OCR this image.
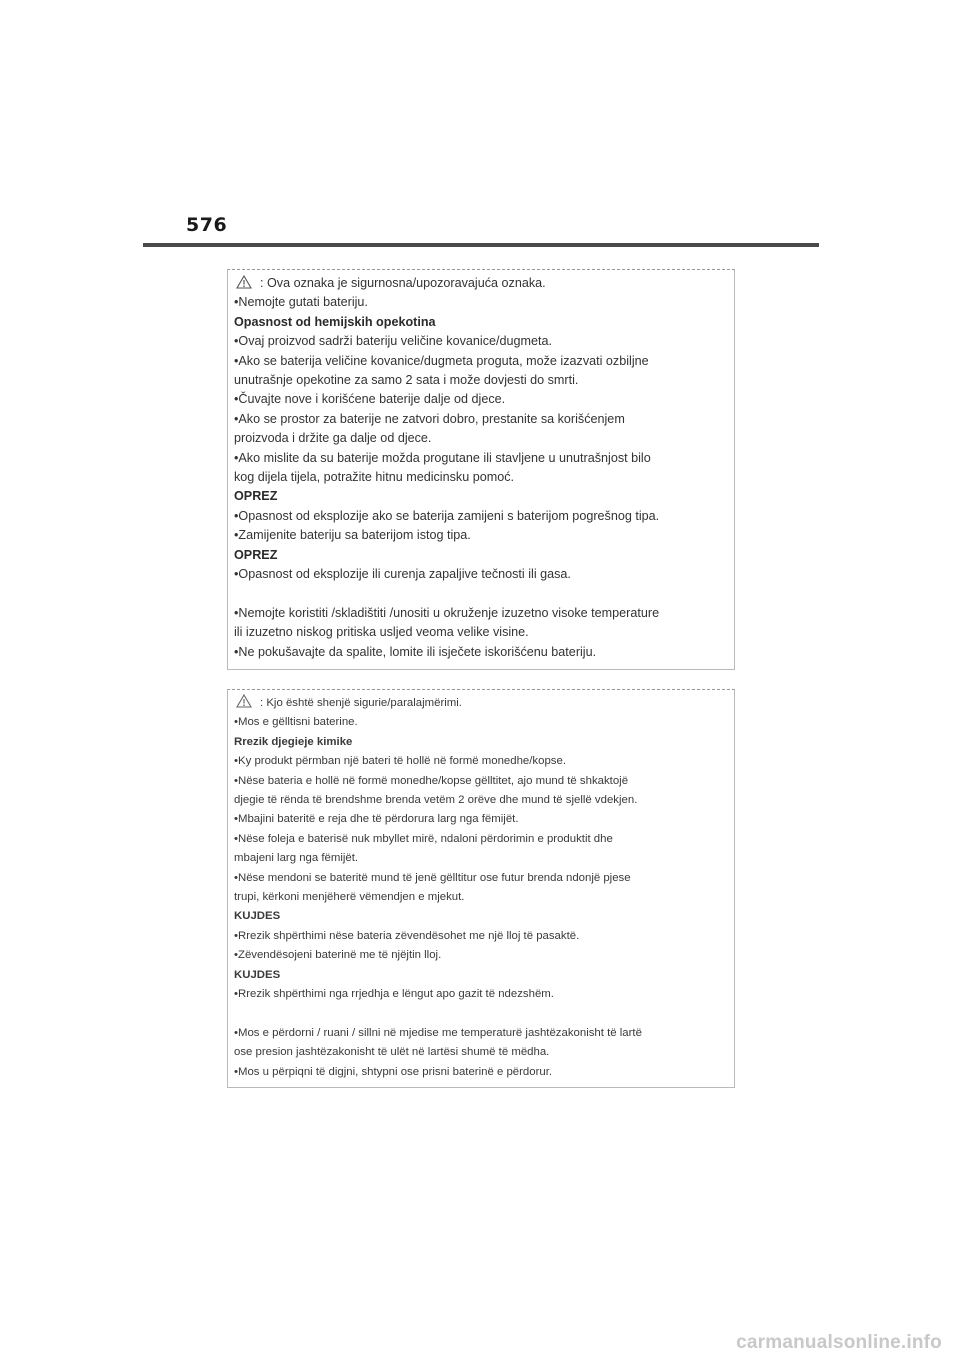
576
: Ova oznaka je sigurnosna/upozoravajuća oznaka.
•Nemojte gutati bateriju.
Opasnost od hemijskih opekotina
•Ovaj proizvod sadrži bateriju veličine kovanice/dugmeta.
•Ako se baterija veličine kovanice/dugmeta proguta, može izazvati ozbiljne
unutrašnje opekotine za samo 2 sata i može dovjesti do smrti.
•Čuvajte nove i korišćene baterije dalje od djece.
•Ako se prostor za baterije ne zatvori dobro, prestanite sa korišćenjem
proizvoda i držite ga dalje od djece.
•Ako mislite da su baterije možda progutane ili stavljene u unutrašnjost bilo
kog dijela tijela, potražite hitnu medicinsku pomoć.
OPREZ
•Opasnost od eksplozije ako se baterija zamijeni s baterijom pogrešnog tipa.
•Zamijenite bateriju sa baterijom istog tipa.
OPREZ
•Opasnost od eksplozije ili curenja zapaljive tečnosti ili gasa.
•Nemojte koristiti /skladištiti /unositi u okruženje izuzetno visoke temperature
ili izuzetno niskog pritiska usljed veoma velike visine.
•Ne pokušavajte da spalite, lomite ili isječete iskorišćenu bateriju.
: Kjo është shenjë sigurie/paralajmërimi.
•Mos e gëlltisni baterine.
Rrezik djegieje kimike
•Ky produkt përmban një bateri të hollë në formë monedhe/kopse.
•Nëse bateria e hollë në formë monedhe/kopse gëlltitet, ajo mund të shkaktojë
djegie të rënda të brendshme brenda vetëm 2 orëve dhe mund të sjellë vdekjen.
•Mbajini bateritë e reja dhe të përdorura larg nga fëmijët.
•Nëse foleja e baterisë nuk mbyllet mirë, ndaloni përdorimin e produktit dhe
mbajeni larg nga fëmijët.
•Nëse mendoni se bateritë mund të jenë gëlltitur ose futur brenda ndonjë pjese
trupi, kërkoni menjëherë vëmendjen e mjekut.
KUJDES
•Rrezik shpërthimi nëse bateria zëvendësohet me një lloj të pasaktë.
•Zëvendësojeni baterinë me të njëjtin lloj.
KUJDES
•Rrezik shpërthimi nga rrjedhja e lëngut apo gazit të ndezshëm.
•Mos e përdorni / ruani / sillni në mjedise me temperaturë jashtëzakonisht të lartë
ose presion jashtëzakonisht të ulët në lartësi shumë të mëdha.
•Mos u përpiqni të digjni, shtypni ose prisni baterinë e përdorur.
carmanualsonline.info
